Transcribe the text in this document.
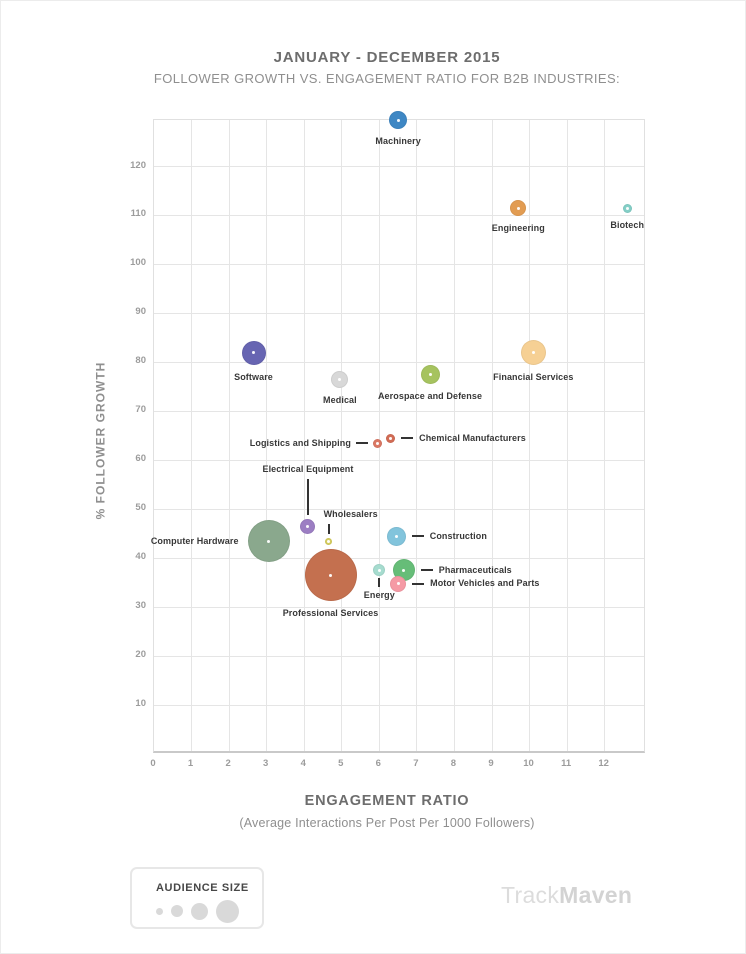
JANUARY - DECEMBER 2015
FOLLOWER GROWTH VS. ENGAGEMENT RATIO FOR B2B INDUSTRIES:
% FOLLOWER GROWTH
Machinery
Engineering	Biotech
Software	Financial Services
Medical Aerospace and Defense
Chemical Manufacturers
Logistics and Shipping
Electrical Equipment
Wholesalers
Computer Hardware	Construction
Professional Services
Energy
Pharmaceuticals
Motor Vehicles and Parts
0	1	2	3	4	5	6	7	8	9	10	11	12
10
20
30
40
50
60
70
80
90
100
110
120
ENGAGEMENT RATIO
(Average Interactions Per Post Per 1000 Followers)
AUDIENCE SIZE	TrackMaven
